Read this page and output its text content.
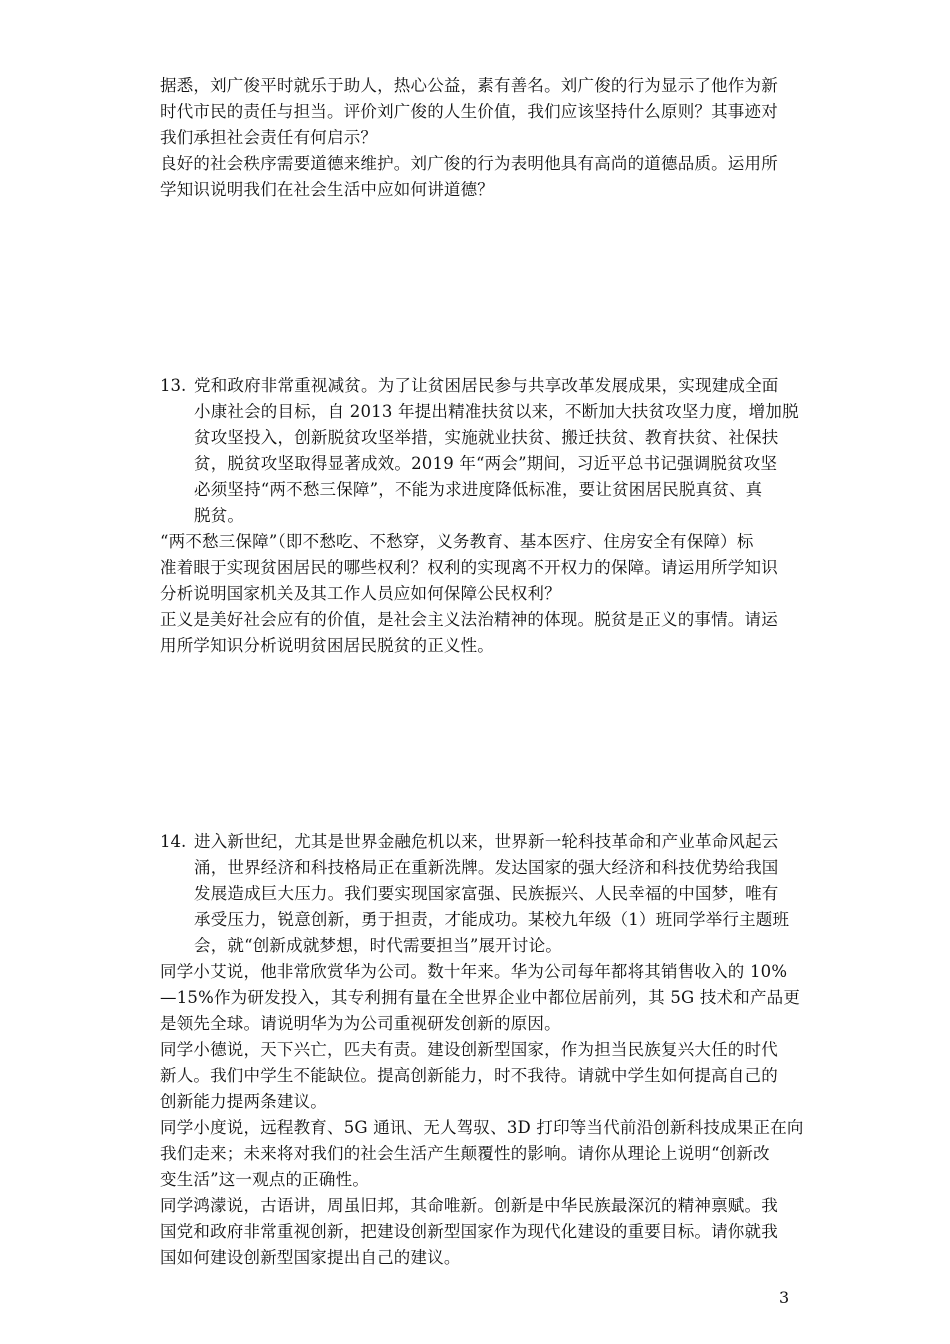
据悉，刘广俊平时就乐于助人，热心公益，素有善名。刘广俊的行为显示了他作为新
时代市民的责任与担当。评价刘广俊的人生价值，我们应该坚持什么原则？其事迹对
我们承担社会责任有何启示？
良好的社会秩序需要道德来维护。刘广俊的行为表明他具有高尚的道德品质。运用所
学知识说明我们在社会生活中应如何讲道德？
13. 党和政府非常重视减贫。为了让贫困居民参与共享改革发展成果，实现建成全面
小康社会的目标，自 2013 年提出精准扶贫以来，不断加大扶贫攻坚力度，增加脱
贫攻坚投入，创新脱贫攻坚举措，实施就业扶贫、搬迁扶贫、教育扶贫、社保扶
贫，脱贫攻坚取得显著成效。2019 年“两会”期间，习近平总书记强调脱贫攻坚
必须坚持“两不愁三保障”，不能为求进度降低标准，要让贫困居民脱真贫、真
脱贫。
“两不愁三保障”（即不愁吃、不愁穿，义务教育、基本医疗、住房安全有保障）标
准着眼于实现贫困居民的哪些权利？权利的实现离不开权力的保障。请运用所学知识
分析说明国家机关及其工作人员应如何保障公民权利？
正义是美好社会应有的价值，是社会主义法治精神的体现。脱贫是正义的事情。请运
用所学知识分析说明贫困居民脱贫的正义性。
14. 进入新世纪，尤其是世界金融危机以来，世界新一轮科技革命和产业革命风起云
涌，世界经济和科技格局正在重新洗牌。发达国家的强大经济和科技优势给我国
发展造成巨大压力。我们要实现国家富强、民族振兴、人民幸福的中国梦，唯有
承受压力，锐意创新，勇于担责，才能成功。某校九年级（1）班同学举行主题班
会，就“创新成就梦想，时代需要担当”展开讨论。
同学小艾说，他非常欣赏华为公司。数十年来。华为公司每年都将其销售收入的 10%
—15%作为研发投入，其专利拥有量在全世界企业中都位居前列，其 5G 技术和产品更
是领先全球。请说明华为为公司重视研发创新的原因。
同学小德说，天下兴亡，匹夫有责。建设创新型国家，作为担当民族复兴大任的时代
新人。我们中学生不能缺位。提高创新能力，时不我待。请就中学生如何提高自己的
创新能力提两条建议。
同学小度说，远程教育、5G 通讯、无人驾驭、3D 打印等当代前沿创新科技成果正在向
我们走来；未来将对我们的社会生活产生颠覆性的影响。请你从理论上说明“创新改
变生活”这一观点的正确性。
同学鸿濛说，古语讲，周虽旧邦，其命唯新。创新是中华民族最深沉的精神禀赋。我
国党和政府非常重视创新，把建设创新型国家作为现代化建设的重要目标。请你就我
国如何建设创新型国家提出自己的建议。
3
